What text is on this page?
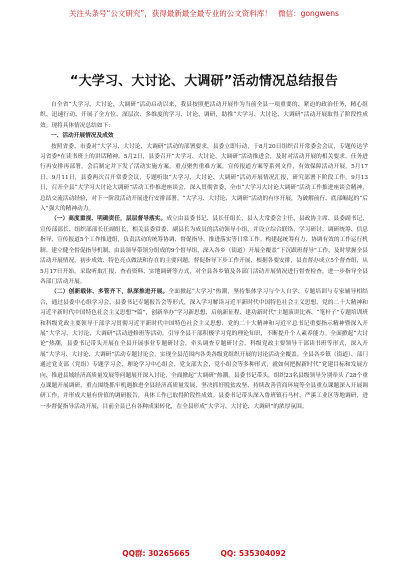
关注头条号“公文研究”，获得最新最全最专业的公文资料库！ 微信：gongwens
“大学习、大讨论、大调研”活动情况总结报告

自全省“大学习、大讨论、大调研”活动启动以来，我县按照把活动开展作为当前全县一项重要的、紧迫的政治任务，精心组织、迅速行动、开展了全方位、深层次、多维度的学习、讨论、调研，助推“大学习、大讨论、大调研”活动开展取得了阶段性成效。现将具体情况总结如下：

一、活动开展情况及成效

按照省委、市委对“大学习、大讨论、大调研”活动的部署要求，县委立即行动，于8月20日组织召开常委会会议，专题传达学习省委*在读书班上的讲话精神。5月2日，县委召开“大学习、大讨论、大调研”活动推进会，及时对活动开展的相关要求、任务进行再安排再部署。会后制定并下发了活动实施方案，重点聚焦重难方案，宣传报道方案等系列文件，有效保障活动开展。5月17日、9月11日，县委两次召开常委会议，专题听取“大学习、大讨论、大调研”活动开展情况汇报，研究部署下阶段工作。9月13日，召开全县“大学习大讨论大调研”活动工作推进座谈会，深入贯彻省委、全市“大学习大讨论大调研”活动工作推进座谈会精神，总结交流活动经验，对下一阶段活动开展进行安排部署。“大学习、大讨论、大调研”活动的有序开展，为破解前行、底部崛起的“后入”强大的精神动力。

（一）高度重视、明确责任，层层督导落实。成立由县委书记、县长任组长，县人大常委会主任、县政协主席、县委副书记、宣传部部长、组织部部长任副组长，相关县委常委、副县长为成员的活动领导小组，并设立综合联络、学习研讨、调研统筹、信息指导、宣传报道5个工作推进组，负责活动的统筹协调、督促指导、推进落实等日常工作。构建起统筹有力、协调有效的工作运行机制。建立健全督促指导机制，由县领导带领分组成的9个督导组，深入各乡（街道）开展全覆盖“下沉跟班督导”工作，及时掌握全县活动开展情况，初步成效、特色亮点做法和存在的主要问题，督促指导下步工作开展，根据各要安排，县直督办成立5个督查组，从5月17日开始，采取听取汇报、查看资料、实地调研等方式，对全县各乡镇及各部门活动开展情况进行督查检查，进一步指导全县各部门活动开展。

（二）创新载体、多管齐下，纵深推进开展。全面掀起“大学习”热潮，坚持集体学习与个人自学、专题培训与专家辅导相结合，通过县委中心组学习会、县委书记专题报告会等形式，深入学习解读习近平新时代中国特色社会主义思想、党的二十大精神和习近平新时代中国特色社会主义思想“*篇”，创新举办“学习新思想、启航新征程、建功新时代”主题演讲比赛、“笔杆子”专题培训班和科级党政主要领导干部学习贯彻习近平新时代中国特色社会主义思想、党的二十大精神和习近平总书记重要指示精神暨深入开展“大学习、大讨论、大调研”活动进修班等活动，引导全县干部积极学习党的理论知识，不断提升个人素养能力。全面掀起“大讨论”热潮，县委书记带头开展在全县开展事业专题研讨会，牵头调查专题研讨会、科级党政主要领导干部读书班等形式，深入开展“大学习、大讨论、大调研”活动专题讨论会，实现全县范围内各类各级党组织开展的讨论活动全覆盖。全县各乡镇（街道）、部门通过党支部（党组）专题学习会、理论学习中心组会、党支部大会、党小组会等多种形式，就如何把握新时代“党建目标和发展方向、推进县域经济高质量发展等问题展开深入讨论，全面掀起“大调研”热潮。县委书记带头，组织23名县级领导分别牵头了28个重点课题开展调研，重点围绕抓牢机遇推进全县经济高质量发展、坚决抓好脱贫攻坚、持续改善营商环境等全县重点课题深入开展调研工作，并形成大量有价值的调研报告，具体工作已取得阶段性成效。县委书记带头深入鲁班镇石马村、严溪工业区等地调研，进一步督促指导活动开展，目前全县已有各种成果转化，在全县形成“大学习、大讨论、大调研”的浓厚氛围。

QQ群: 30265665	QQ: 535304092
